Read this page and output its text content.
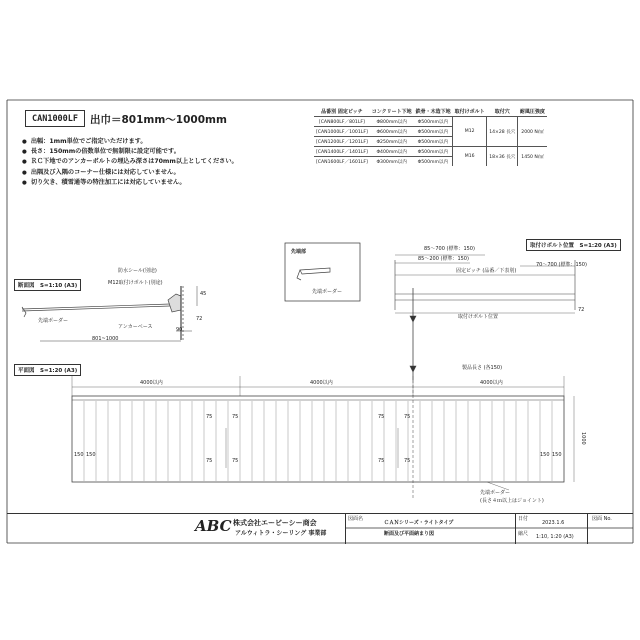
CAN1000LF 出巾＝801mm～1000mm
● 出幅：1mm単位でご指定いただけます。
● 長さ：150mmの倍数単位で無制限に設定可能です。
● ＲＣ下地でのアンカーボルトの埋込み深さは70mm以上としてください。
● 出隅及び入隅のコーナー仕様には対応していません。
● 切り欠き、積雪通等の特注加工には対応していません。
品番別 固定ピッチ	コンクリート下地	鉄骨・木造下地	取付けボルト	取付穴	耐風圧強度
[CAN800LF／801LF]	Φ800mm以内	Φ500mm以内	M12	14×28 長穴	2000 N/㎡
[CAN1000LF／1001LF]	Φ600mm以内	Φ500mm以内			
[CAN1200LF／1201LF]	Φ250mm以内	Φ500mm以内			
[CAN1400LF／1401LF]	Φ400mm以内	Φ500mm以内	M16	18×36 長穴	1450 N/㎡
[CAN1600LF／1601LF]	Φ300mm以内	Φ500mm以内			
断面図　S=1:10 (A3)
防水シール(別途)
M12取付けボルト(別途)
先端ボーダー
アンカーベース
45
72
90
801~1000
先端部
先端ボーダー
取付けボルト位置　S=1:20 (A3)
85～700 (標準：150)
85～200 (標準：150)
70～700 (標準：150)
固定ピッチ (品番／下表別)
72
取付けボルト位置
平面図　S=1:20 (A3)
4000以内	4000以内	4000以内
製品長さ (各150)
75	75	75	75
75	75	75	75
150 150	150 150
1000
先端ボーダー
(長さ４ｍ以上はジョイント)
ABC 株式会社エービーシー商会
アルウィトラ・シーリング 事業部
図面名
ＣＡＮシリーズ・ライトタイプ
断面及び平面納まり図
日付
2023.1.6
縮尺 1:10, 1:20 (A3)
図面 No.
